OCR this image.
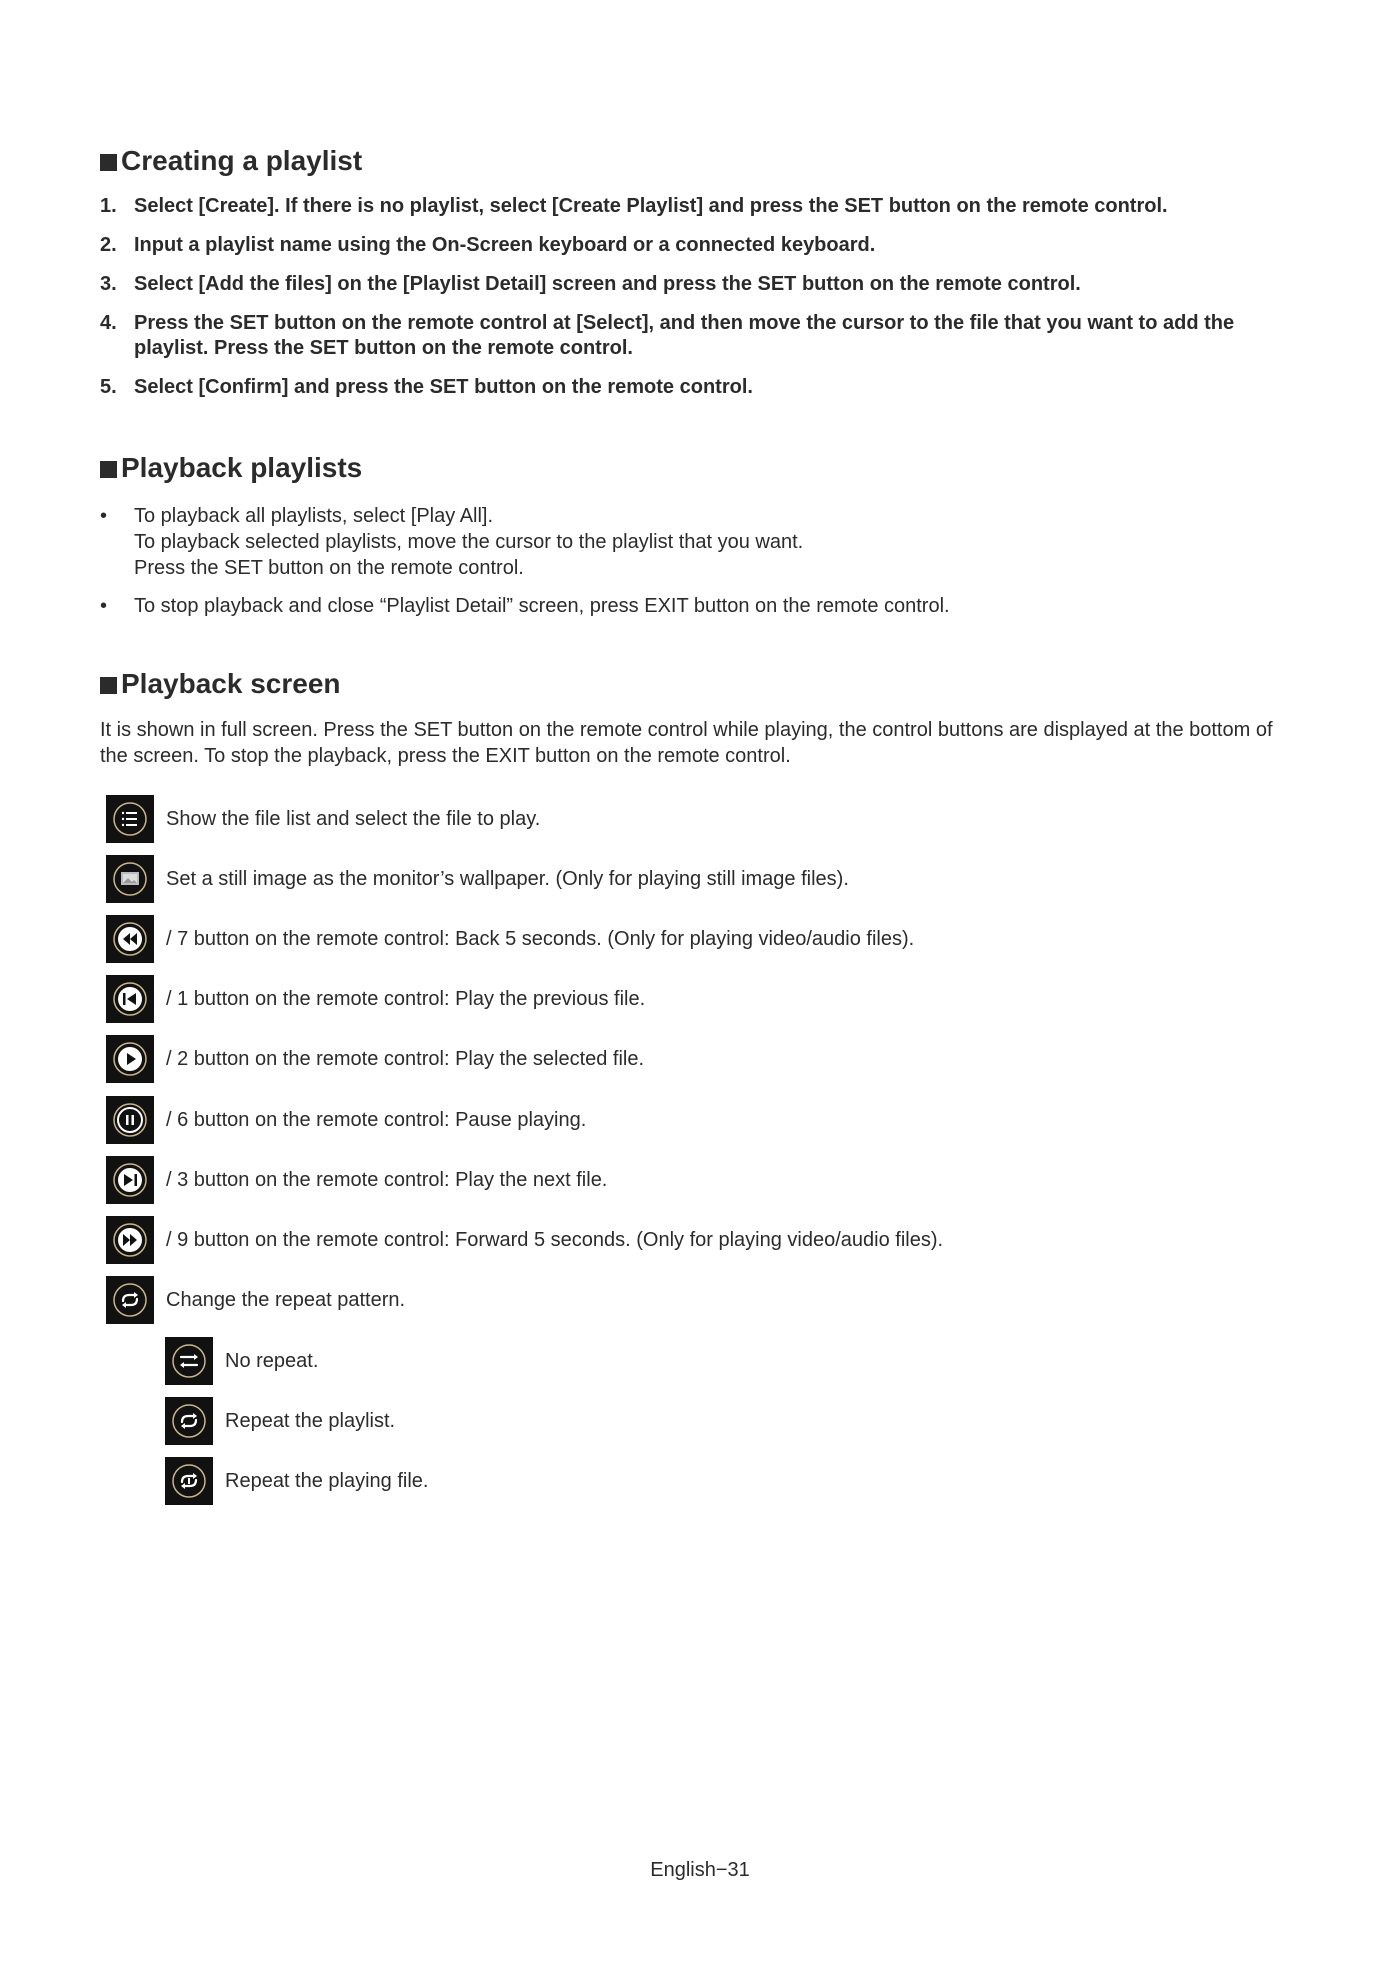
Creating a playlist
1. Select [Create]. If there is no playlist, select [Create Playlist] and press the SET button on the remote control.
2. Input a playlist name using the On-Screen keyboard or a connected keyboard.
3. Select [Add the files] on the [Playlist Detail] screen and press the SET button on the remote control.
4. Press the SET button on the remote control at [Select], and then move the cursor to the file that you want to add the playlist. Press the SET button on the remote control.
5. Select [Confirm] and press the SET button on the remote control.
Playback playlists
• To playback all playlists, select [Play All].
To playback selected playlists, move the cursor to the playlist that you want.
Press the SET button on the remote control.
• To stop playback and close “Playlist Detail” screen, press EXIT button on the remote control.
Playback screen

It is shown in full screen. Press the SET button on the remote control while playing, the control buttons are displayed at the bottom of the screen. To stop the playback, press the EXIT button on the remote control.

Show the file list and select the file to play.
Set a still image as the monitor’s wallpaper. (Only for playing still image files).
/ 7 button on the remote control: Back 5 seconds. (Only for playing video/audio files).
/ 1 button on the remote control: Play the previous file.
/ 2 button on the remote control: Play the selected file.
/ 6 button on the remote control: Pause playing.
/ 3 button on the remote control: Play the next file.
/ 9 button on the remote control: Forward 5 seconds. (Only for playing video/audio files).
Change the repeat pattern.
No repeat.
Repeat the playlist.
Repeat the playing file.
English−31
